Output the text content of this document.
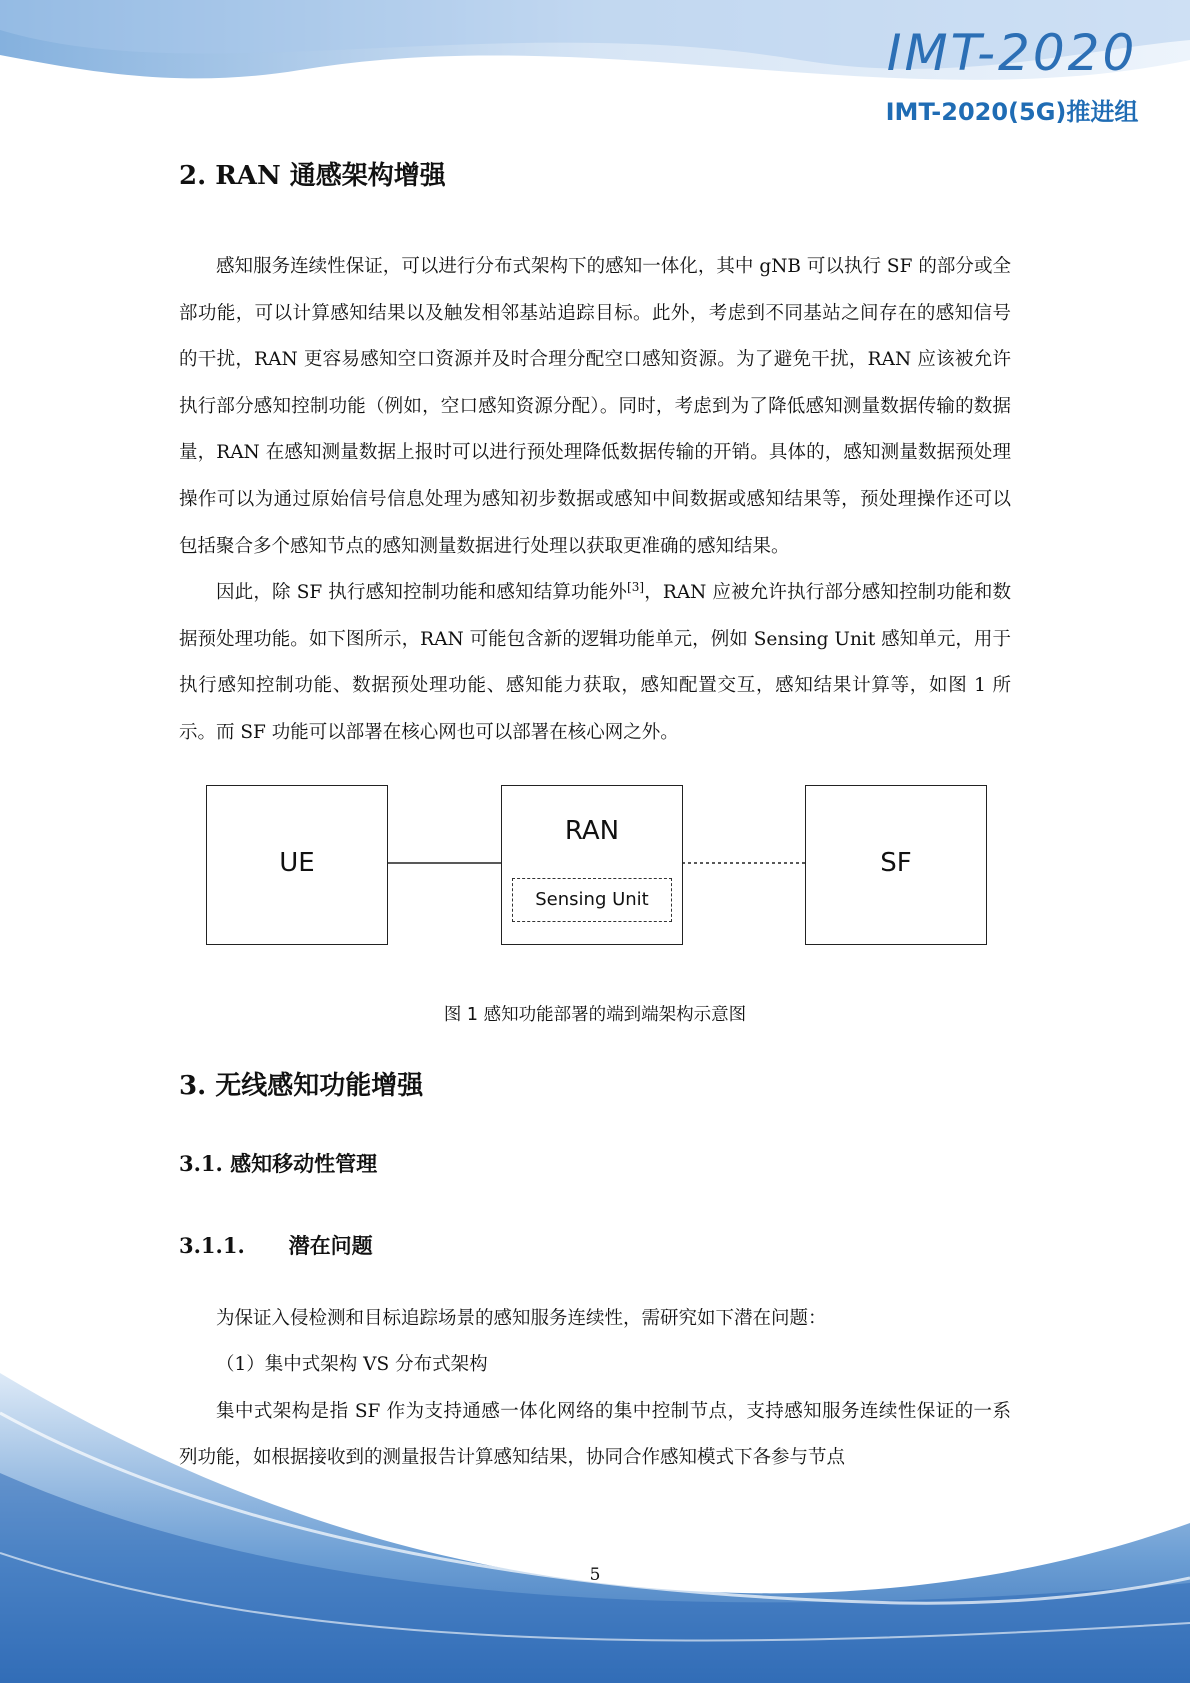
IMT-2020
IMT-2020(5G)推进组
2. RAN 通感架构增强

感知服务连续性保证，可以进行分布式架构下的感知一体化，其中 gNB 可以执行 SF 的部分或全部功能，可以计算感知结果以及触发相邻基站追踪目标。此外，考虑到不同基站之间存在的感知信号的干扰，RAN 更容易感知空口资源并及时合理分配空口感知资源。为了避免干扰，RAN 应该被允许执行部分感知控制功能（例如，空口感知资源分配）。同时，考虑到为了降低感知测量数据传输的数据量，RAN 在感知测量数据上报时可以进行预处理降低数据传输的开销。具体的，感知测量数据预处理操作可以为通过原始信号信息处理为感知初步数据或感知中间数据或感知结果等，预处理操作还可以包括聚合多个感知节点的感知测量数据进行处理以获取更准确的感知结果。

因此，除 SF 执行感知控制功能和感知结算功能外[3]，RAN 应被允许执行部分感知控制功能和数据预处理功能。如下图所示，RAN 可能包含新的逻辑功能单元，例如 Sensing Unit 感知单元，用于执行感知控制功能、数据预处理功能、感知能力获取，感知配置交互，感知结果计算等，如图 1 所示。而 SF 功能可以部署在核心网也可以部署在核心网之外。

UE
RAN
Sensing Unit
SF
图 1 感知功能部署的端到端架构示意图
3. 无线感知功能增强
3.1. 感知移动性管理
3.1.1.      潜在问题

为保证入侵检测和目标追踪场景的感知服务连续性，需研究如下潜在问题：

（1）集中式架构 VS 分布式架构

集中式架构是指 SF 作为支持通感一体化网络的集中控制节点，支持感知服务连续性保证的一系列功能，如根据接收到的测量报告计算感知结果，协同合作感知模式下各参与节点

5
